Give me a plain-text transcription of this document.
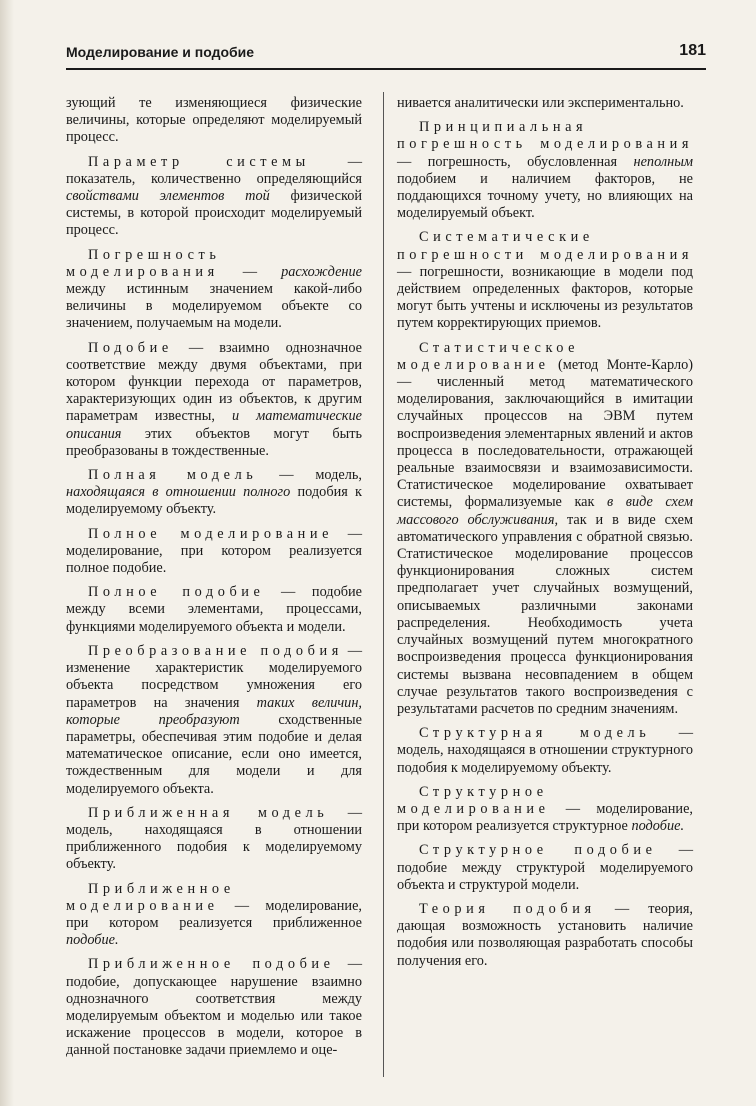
Моделирование и подобие	181

зующий те изменяющиеся физические величины, которые определяют моделируемый процесс.

Параметр системы — показатель, количественно определяющийся свойствами элементов той физической системы, в которой происходит моделируемый процесс.

Погрешность моделирования — расхождение между истинным значением какой-либо величины в моделируемом объекте со значением, получаемым на модели.

Подобие — взаимно однозначное соответствие между двумя объектами, при котором функции перехода от параметров, характеризующих один из объектов, к другим параметрам известны, и математические описания этих объектов могут быть преобразованы в тождественные.

Полная модель — модель, находящаяся в отношении полного подобия к моделируемому объекту.

Полное моделирование — моделирование, при котором реализуется полное подобие.

Полное подобие — подобие между всеми элементами, процессами, функциями моделируемого объекта и модели.

Преобразование подобия — изменение характеристик моделируемого объекта посредством умножения его параметров на значения таких величин, которые преобразуют сходственные параметры, обеспечивая этим подобие и делая математическое описание, если оно имеется, тождественным для модели и для моделируемого объекта.

Приближенная модель — модель, находящаяся в отношении приближенного подобия к моделируемому объекту.

Приближенное моделирование — моделирование, при котором реализуется приближенное подобие.

Приближенное подобие — подобие, допускающее нарушение взаимно однозначного соответствия между моделируемым объектом и моделью или такое искажение процессов в модели, которое в данной постановке задачи приемлемо и оце-

нивается аналитически или экспериментально.

Принципиальная погрешность моделирования — погрешность, обусловленная неполным подобием и наличием факторов, не поддающихся точному учету, но влияющих на моделируемый объект.

Систематические погрешности моделирования — погрешности, возникающие в модели под действием определенных факторов, которые могут быть учтены и исключены из результатов путем корректирующих приемов.

Статистическое моделирование (метод Монте-Карло) — численный метод математического моделирования, заключающийся в имитации случайных процессов на ЭВМ путем воспроизведения элементарных явлений и актов процесса в последовательности, отражающей реальные взаимосвязи и взаимозависимости. Статистическое моделирование охватывает системы, формализуемые как в виде схем массового обслуживания, так и в виде схем автоматического управления с обратной связью. Статистическое моделирование процессов функционирования сложных систем предполагает учет случайных возмущений, описываемых различными законами распределения. Необходимость учета случайных возмущений путем многократного воспроизведения процесса функционирования системы вызвана несовпадением в общем случае результатов такого воспроизведения с результатами расчетов по средним значениям.

Структурная модель — модель, находящаяся в отношении структурного подобия к моделируемому объекту.

Структурное моделирование — моделирование, при котором реализуется структурное подобие.

Структурное подобие — подобие между структурой моделируемого объекта и структурой модели.

Теория подобия — теория, дающая возможность установить наличие подобия или позволяющая разработать способы получения его.
